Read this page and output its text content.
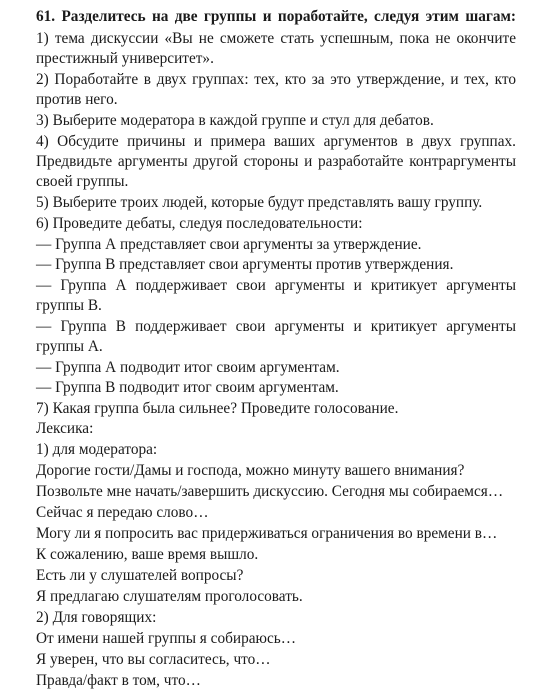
61. Разделитесь на две группы и поработайте, следуя этим шагам:
1) тема дискуссии «Вы не сможете стать успешным, пока не окончите
престижный университет».
2) Поработайте в двух группах: тех, кто за это утверждение, и тех, кто
против него.
3) Выберите модератора в каждой группе и стул для дебатов.
4) Обсудите причины и примера ваших аргументов в двух группах.
Предвидьте аргументы другой стороны и разработайте контраргументы
своей группы.
5) Выберите троих людей, которые будут представлять вашу группу.
6) Проведите дебаты, следуя последовательности:
— Группа А представляет свои аргументы за утверждение.
— Группа В представляет свои аргументы против утверждения.
— Группа А поддерживает свои аргументы и критикует аргументы
группы В.
— Группа В поддерживает свои аргументы и критикует аргументы
группы А.
— Группа А подводит итог своим аргументам.
— Группа В подводит итог своим аргументам.
7) Какая группа была сильнее? Проведите голосование.
Лексика:
1) для модератора:
Дорогие гости/Дамы и господа, можно минуту вашего внимания?
Позвольте мне начать/завершить дискуссию. Сегодня мы собираемся…
Сейчас я передаю слово…
Могу ли я попросить вас придерживаться ограничения во времени в…
К сожалению, ваше время вышло.
Есть ли у слушателей вопросы?
Я предлагаю слушателям проголосовать.
2) Для говорящих:
От имени нашей группы я собираюсь…
Я уверен, что вы согласитесь, что…
Правда/факт в том, что…
